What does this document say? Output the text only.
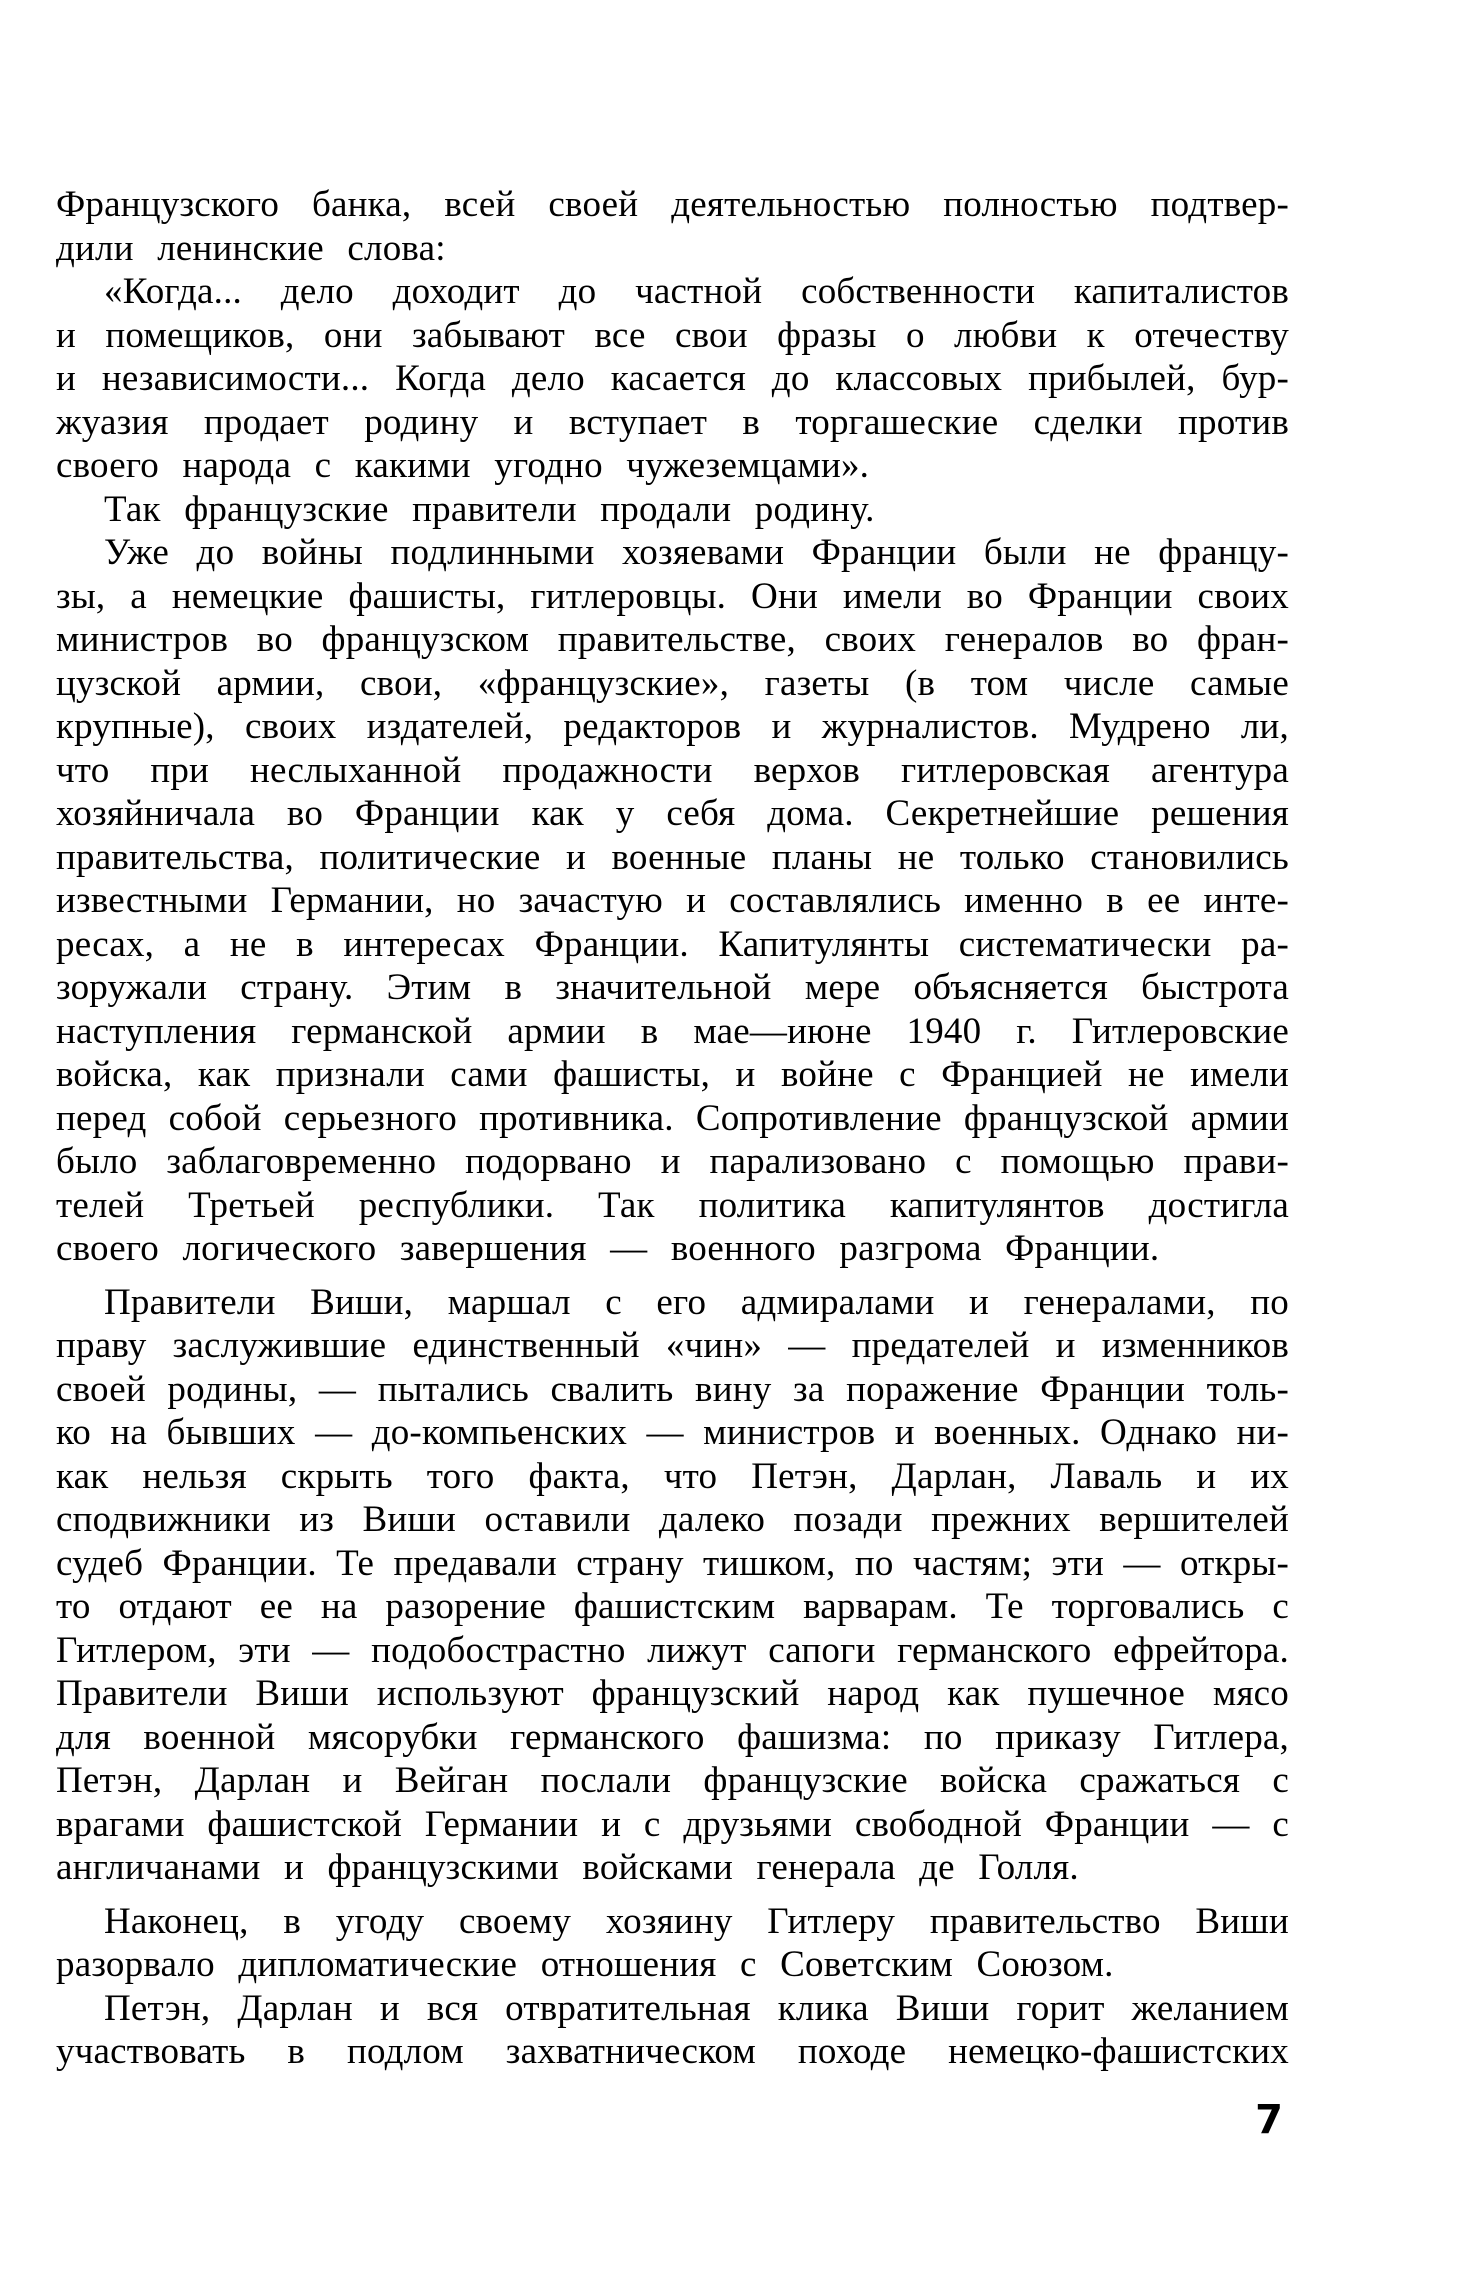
Французского банка, всей своей деятельностью полностью подтвер-
дили ленинские слова:
«Когда... дело доходит до частной собственности капиталистов
и помещиков, они забывают все свои фразы о любви к отечеству
и независимости... Когда дело касается до классовых прибылей, бур-
жуазия продает родину и вступает в торгашеские сделки против
своего народа с какими угодно чужеземцами».
Так французские правители продали родину.
Уже до войны подлинными хозяевами Франции были не францу-
зы, а немецкие фашисты, гитлеровцы. Они имели во Франции своих
министров во французском правительстве, своих генералов во фран-
цузской армии, свои, «французские», газеты (в том числе самые
крупные), своих издателей, редакторов и журналистов. Мудрено ли,
что при неслыханной продажности верхов гитлеровская агентура
хозяйничала во Франции как у себя дома. Секретнейшие решения
правительства, политические и военные планы не только становились
известными Германии, но зачастую и составлялись именно в ее инте-
ресах, а не в интересах Франции. Капитулянты систематически ра-
зоружали страну. Этим в значительной мере объясняется быстрота
наступления германской армии в мае—июне 1940 г. Гитлеровские
войска, как признали сами фашисты, и войне с Францией не имели
перед собой серьезного противника. Сопротивление французской армии
было заблаговременно подорвано и парализовано с помощью прави-
телей Третьей республики. Так политика капитулянтов достигла
своего логического завершения — военного разгрома Франции.
Правители Виши, маршал с его адмиралами и генералами, по
праву заслужившие единственный «чин» — предателей и изменников
своей родины, — пытались свалить вину за поражение Франции толь-
ко на бывших — до-компьенских — министров и военных. Однако ни-
как нельзя скрыть того факта, что Петэн, Дарлан, Лаваль и их
сподвижники из Виши оставили далеко позади прежних вершителей
судеб Франции. Те предавали страну тишком, по частям; эти — откры-
то отдают ее на разорение фашистским варварам. Те торговались с
Гитлером, эти — подобострастно лижут сапоги германского ефрейтора.
Правители Виши используют французский народ как пушечное мясо
для военной мясорубки германского фашизма: по приказу Гитлера,
Петэн, Дарлан и Вейган послали французские войска сражаться с
врагами фашистской Германии и с друзьями свободной Франции — с
англичанами и французскими войсками генерала де Голля.
Наконец, в угоду своему хозяину Гитлеру правительство Виши
разорвало дипломатические отношения с Советским Союзом.
Петэн, Дарлан и вся отвратительная клика Виши горит желанием
участвовать в подлом захватническом походе немецко-фашистских
7
